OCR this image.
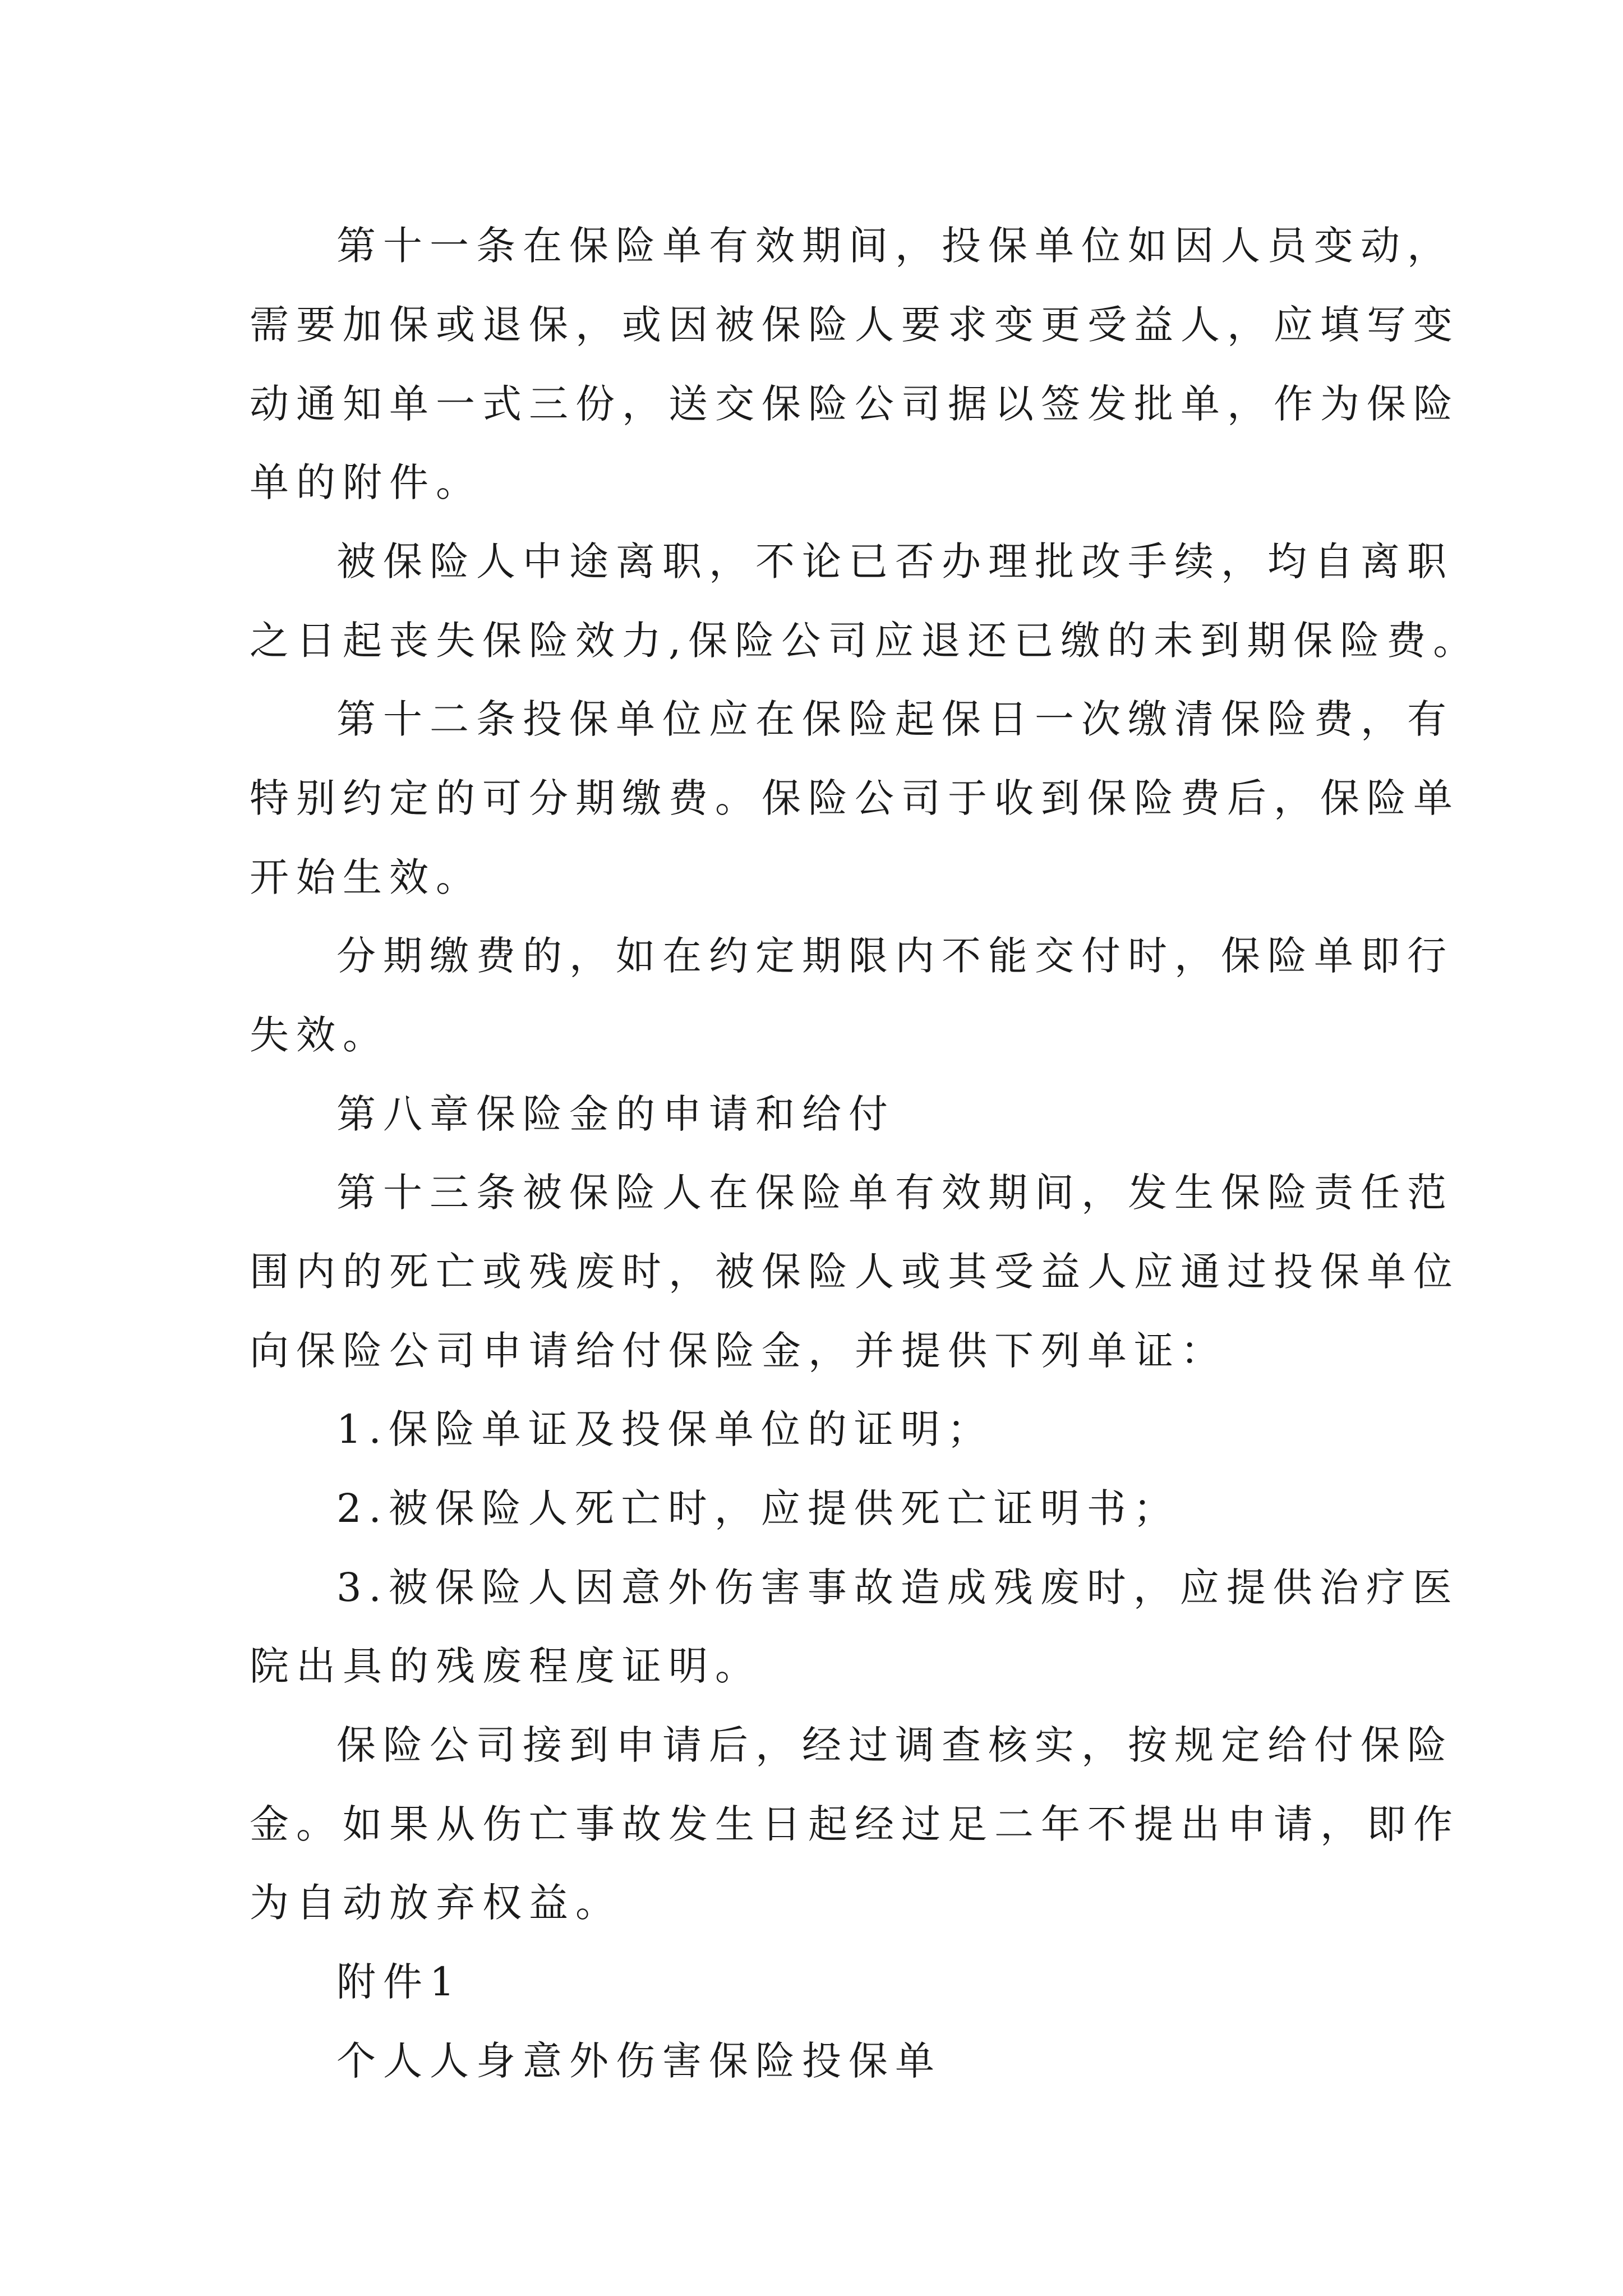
第十一条在保险单有效期间，投保单位如因人员变动，
需要加保或退保，或因被保险人要求变更受益人，应填写变
动通知单一式三份，送交保险公司据以签发批单，作为保险
单的附件。
被保险人中途离职，不论已否办理批改手续，均自离职
之日起丧失保险效力,保险公司应退还已缴的未到期保险费。
第十二条投保单位应在保险起保日一次缴清保险费，有
特别约定的可分期缴费。保险公司于收到保险费后，保险单
开始生效。
分期缴费的，如在约定期限内不能交付时，保险单即行
失效。
第八章保险金的申请和给付
第十三条被保险人在保险单有效期间，发生保险责任范
围内的死亡或残废时，被保险人或其受益人应通过投保单位
向保险公司申请给付保险金，并提供下列单证：
1.保险单证及投保单位的证明；
2.被保险人死亡时，应提供死亡证明书；
3.被保险人因意外伤害事故造成残废时，应提供治疗医
院出具的残废程度证明。
保险公司接到申请后，经过调查核实，按规定给付保险
金。如果从伤亡事故发生日起经过足二年不提出申请，即作
为自动放弃权益。
附件1
个人人身意外伤害保险投保单
